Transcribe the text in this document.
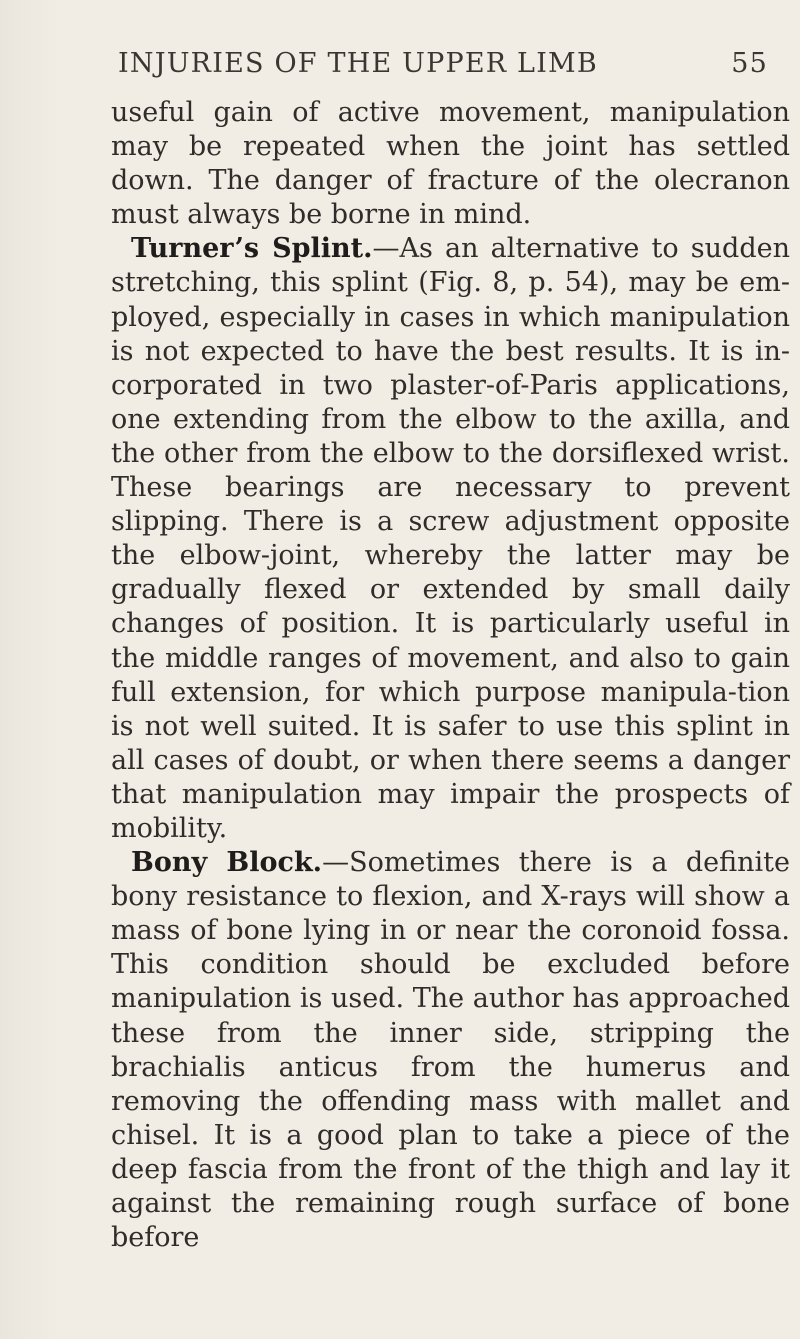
INJURIES OF THE UPPER LIMB	55

useful gain of active movement, manipulation may be repeated when the joint has settled down. The danger of fracture of the olecranon must always be borne in mind.

Turner’s Splint.—As an alternative to sudden stretching, this splint (Fig. 8, p. 54), may be em-ployed, especially in cases in which manipulation is not expected to have the best results. It is in-corporated in two plaster-of-Paris applications, one extending from the elbow to the axilla, and the other from the elbow to the dorsiflexed wrist. These bearings are necessary to prevent slipping. There is a screw adjustment opposite the elbow-joint, whereby the latter may be gradually flexed or extended by small daily changes of position. It is particularly useful in the middle ranges of movement, and also to gain full extension, for which purpose manipula-tion is not well suited. It is safer to use this splint in all cases of doubt, or when there seems a danger that manipulation may impair the prospects of mobility.

Bony Block.—Sometimes there is a definite bony resistance to flexion, and X-rays will show a mass of bone lying in or near the coronoid fossa. This condition should be excluded before manipulation is used. The author has approached these from the inner side, stripping the brachialis anticus from the humerus and removing the offending mass with mallet and chisel. It is a good plan to take a piece of the deep fascia from the front of the thigh and lay it against the remaining rough surface of bone before
